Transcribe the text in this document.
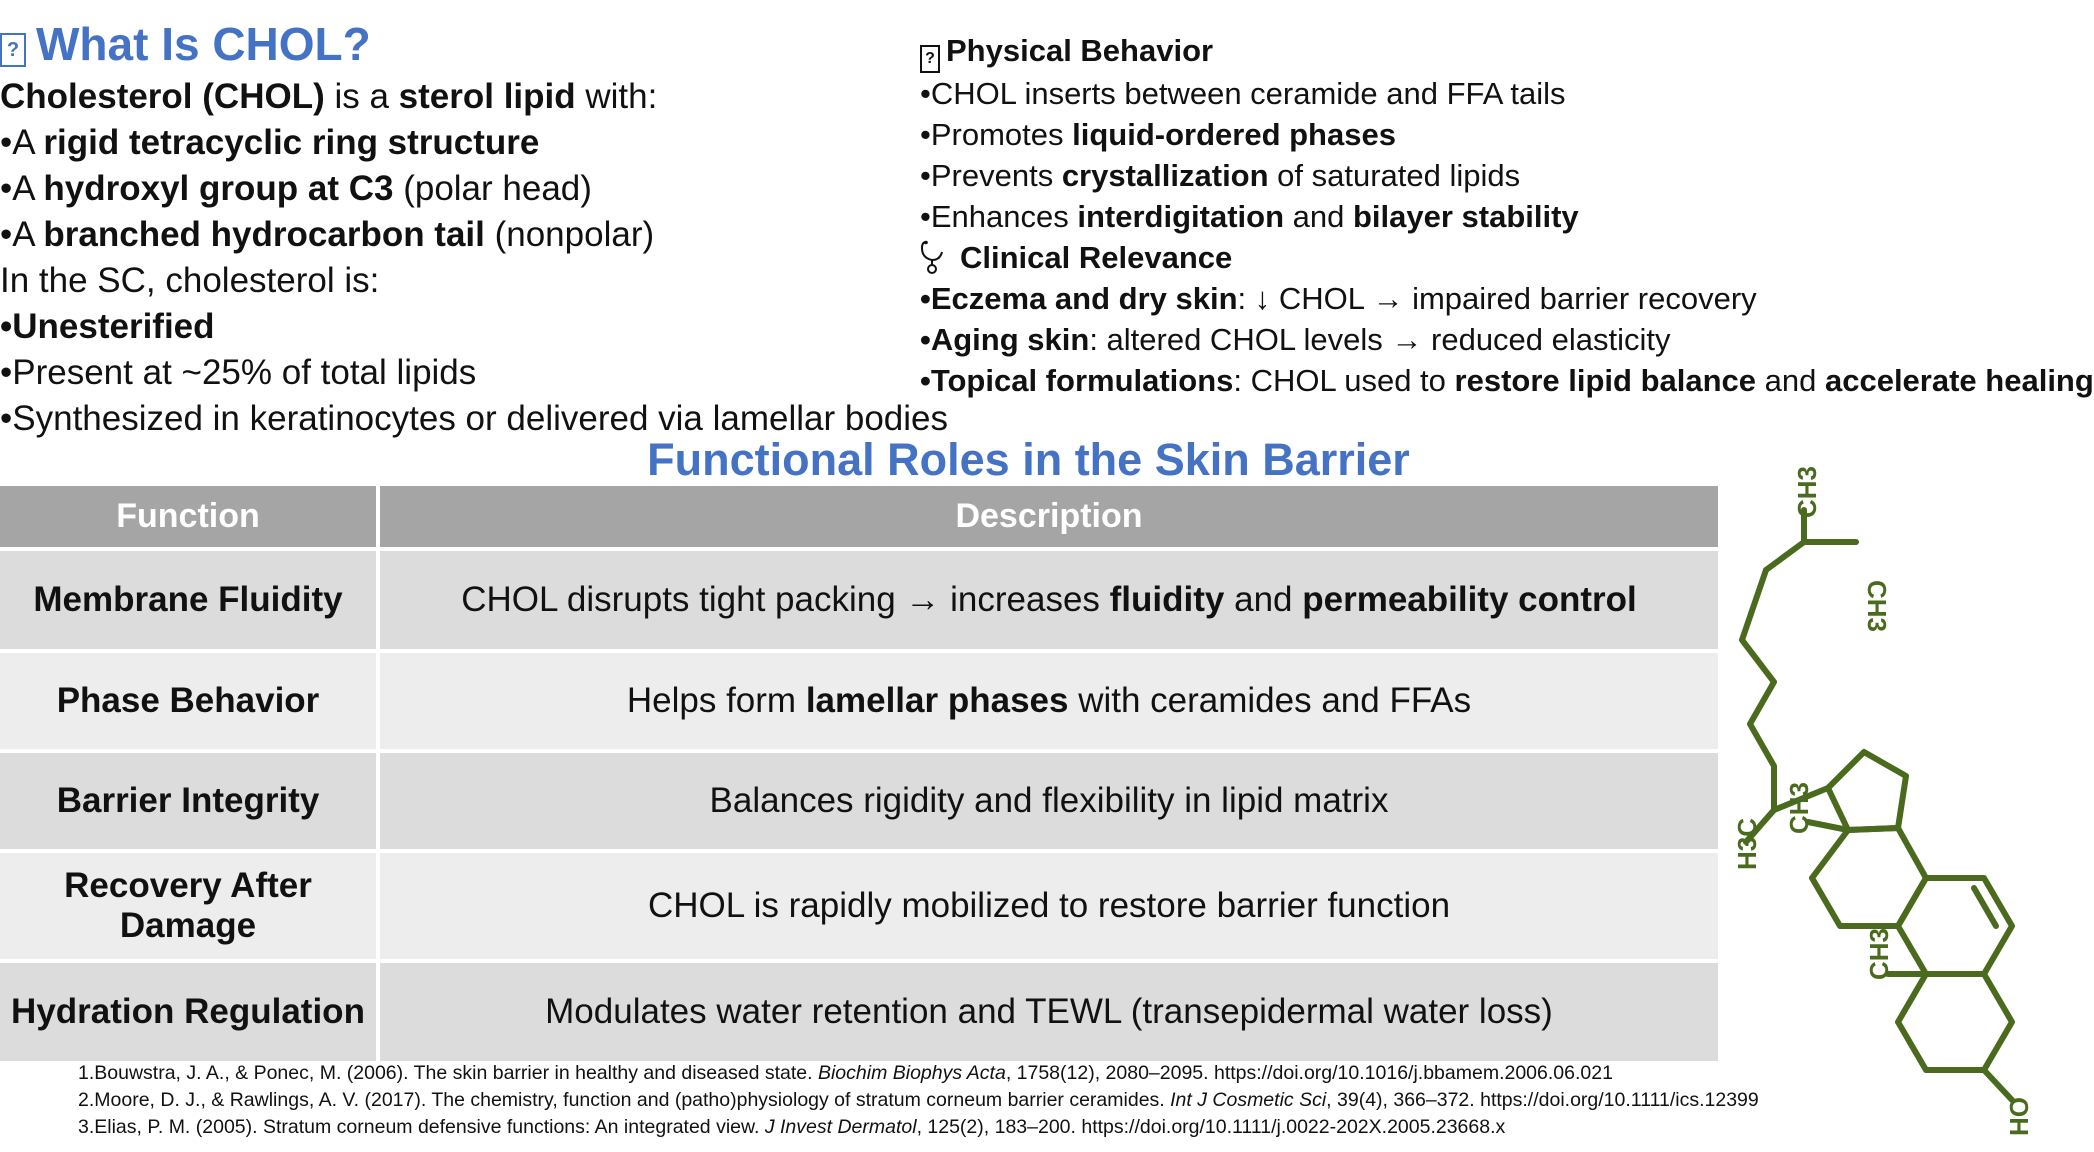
? What Is CHOL?
Cholesterol (CHOL) is a sterol lipid with:
•A rigid tetracyclic ring structure
•A hydroxyl group at C3 (polar head)
•A branched hydrocarbon tail (nonpolar)
In the SC, cholesterol is:
•Unesterified
•Present at ~25% of total lipids
•Synthesized in keratinocytes or delivered via lamellar bodies
? Physical Behavior
•CHOL inserts between ceramide and FFA tails
•Promotes liquid-ordered phases
•Prevents crystallization of saturated lipids
•Enhances interdigitation and bilayer stability
Clinical Relevance
•Eczema and dry skin: ↓ CHOL → impaired barrier recovery
•Aging skin: altered CHOL levels → reduced elasticity
•Topical formulations: CHOL used to restore lipid balance and accelerate healing
Functional Roles in the Skin Barrier
Function	Description
Membrane Fluidity	CHOL disrupts tight packing → increases fluidity and permeability control
Phase Behavior	Helps form lamellar phases with ceramides and FFAs
Barrier Integrity	Balances rigidity and flexibility in lipid matrix
Recovery After Damage	CHOL is rapidly mobilized to restore barrier function
Hydration Regulation	Modulates water retention and TEWL (transepidermal water loss)
CH3
CH3
CH3
H3C
CH3
HO
1.Bouwstra, J. A., & Ponec, M. (2006). The skin barrier in healthy and diseased state. Biochim Biophys Acta, 1758(12), 2080–2095. https://doi.org/10.1016/j.bbamem.2006.06.021
2.Moore, D. J., & Rawlings, A. V. (2017). The chemistry, function and (patho)physiology of stratum corneum barrier ceramides. Int J Cosmetic Sci, 39(4), 366–372. https://doi.org/10.1111/ics.12399
3.Elias, P. M. (2005). Stratum corneum defensive functions: An integrated view. J Invest Dermatol, 125(2), 183–200. https://doi.org/10.1111/j.0022-202X.2005.23668.x
